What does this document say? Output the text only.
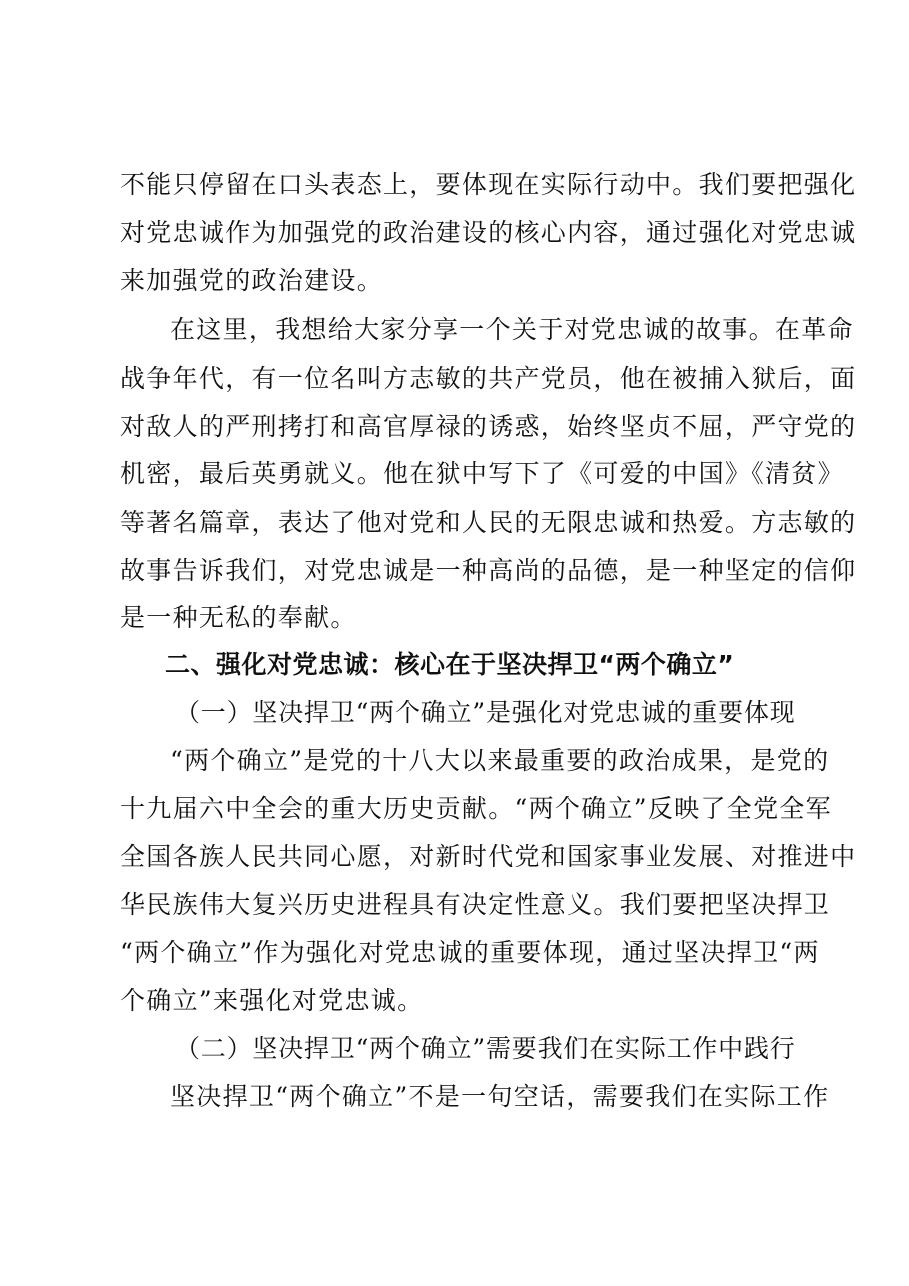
不能只停留在口头表态上，要体现在实际行动中。我们要把强化
对党忠诚作为加强党的政治建设的核心内容，通过强化对党忠诚
来加强党的政治建设。
在这里，我想给大家分享一个关于对党忠诚的故事。在革命
战争年代，有一位名叫方志敏的共产党员，他在被捕入狱后，面
对敌人的严刑拷打和高官厚禄的诱惑，始终坚贞不屈，严守党的
机密，最后英勇就义。他在狱中写下了《可爱的中国》《清贫》
等著名篇章，表达了他对党和人民的无限忠诚和热爱。方志敏的
故事告诉我们，对党忠诚是一种高尚的品德，是一种坚定的信仰
是一种无私的奉献。
二、强化对党忠诚：核心在于坚决捍卫“两个确立”
（一）坚决捍卫“两个确立”是强化对党忠诚的重要体现
“两个确立”是党的十八大以来最重要的政治成果，是党的
十九届六中全会的重大历史贡献。“两个确立”反映了全党全军
全国各族人民共同心愿，对新时代党和国家事业发展、对推进中
华民族伟大复兴历史进程具有决定性意义。我们要把坚决捍卫
“两个确立”作为强化对党忠诚的重要体现，通过坚决捍卫“两
个确立”来强化对党忠诚。
（二）坚决捍卫“两个确立”需要我们在实际工作中践行
坚决捍卫“两个确立”不是一句空话，需要我们在实际工作
